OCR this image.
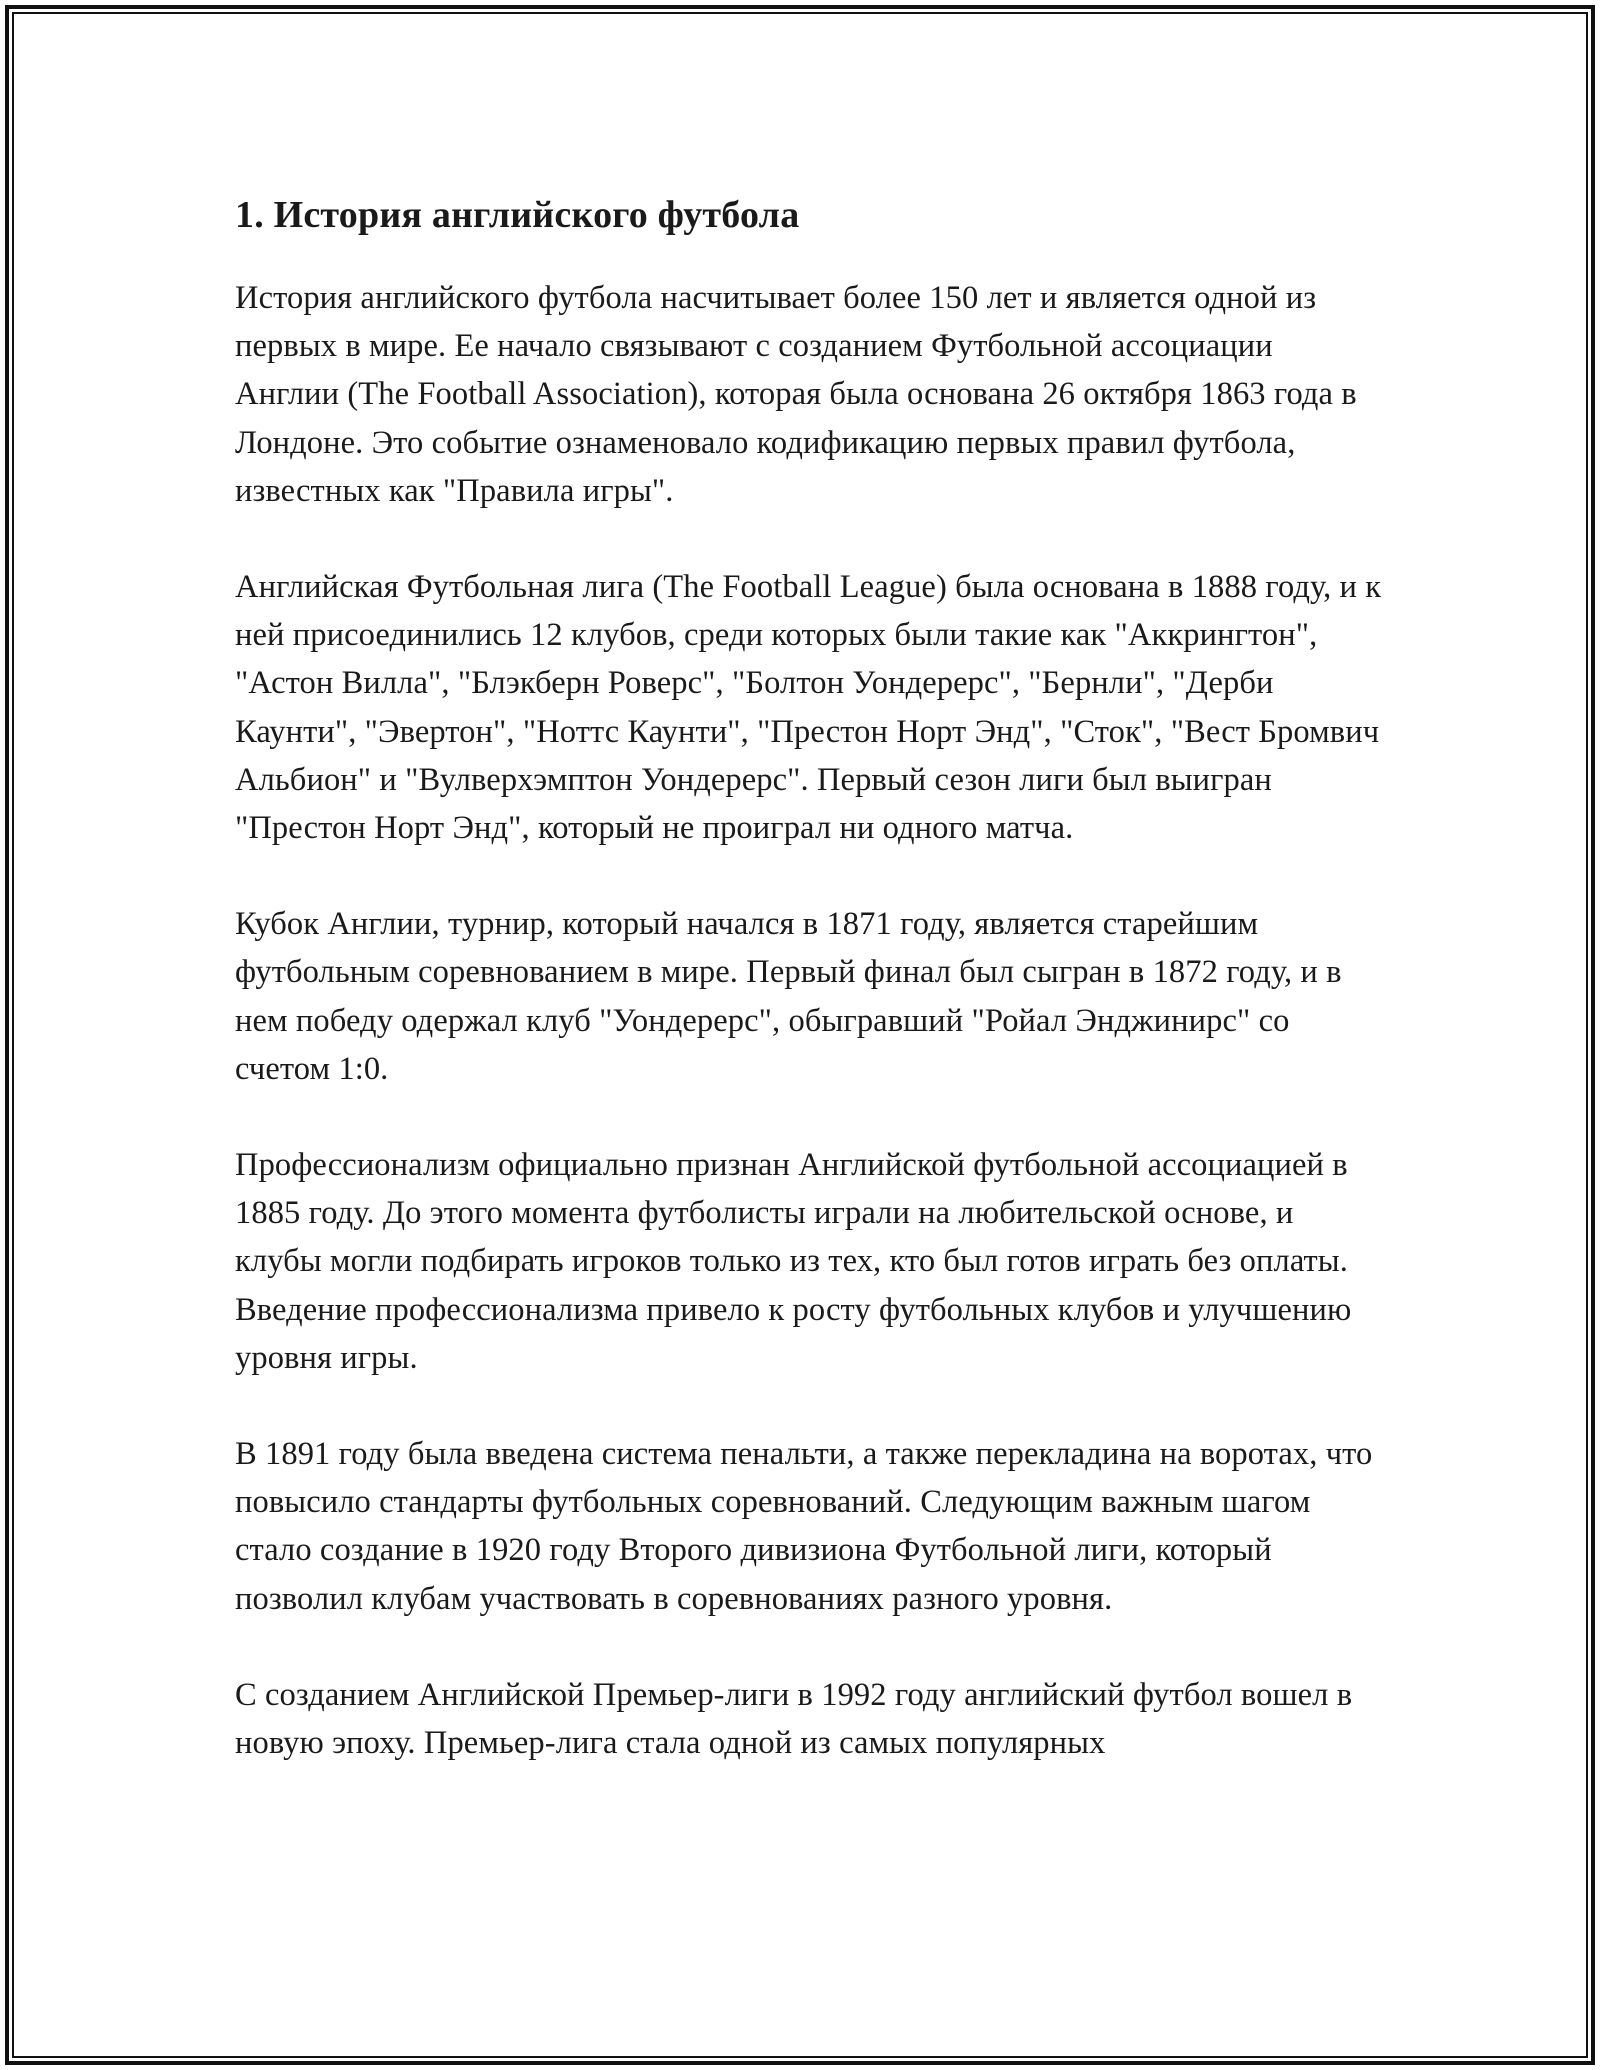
1. История английского футбола

История английского футбола насчитывает более 150 лет и является одной из первых в мире. Ее начало связывают с созданием Футбольной ассоциации Англии (The Football Association), которая была основана 26 октября 1863 года в Лондоне. Это событие ознаменовало кодификацию первых правил футбола, известных как "Правила игры".

Английская Футбольная лига (The Football League) была основана в 1888 году, и к ней присоединились 12 клубов, среди которых были такие как "Аккрингтон", "Астон Вилла", "Блэкберн Роверс", "Болтон Уондерерс", "Бернли", "Дерби Каунти", "Эвертон", "Ноттс Каунти", "Престон Норт Энд", "Сток", "Вест Бромвич Альбион" и "Вулверхэмптон Уондерерс". Первый сезон лиги был выигран "Престон Норт Энд", который не проиграл ни одного матча.

Кубок Англии, турнир, который начался в 1871 году, является старейшим футбольным соревнованием в мире. Первый финал был сыгран в 1872 году, и в нем победу одержал клуб "Уондерерс", обыгравший "Ройал Энджинирс" со счетом 1:0.

Профессионализм официально признан Английской футбольной ассоциацией в 1885 году. До этого момента футболисты играли на любительской основе, и клубы могли подбирать игроков только из тех, кто был готов играть без оплаты. Введение профессионализма привело к росту футбольных клубов и улучшению уровня игры.

В 1891 году была введена система пенальти, а также перекладина на воротах, что повысило стандарты футбольных соревнований. Следующим важным шагом стало создание в 1920 году Второго дивизиона Футбольной лиги, который позволил клубам участвовать в соревнованиях разного уровня.

С созданием Английской Премьер-лиги в 1992 году английский футбол вошел в новую эпоху. Премьер-лига стала одной из самых популярных
